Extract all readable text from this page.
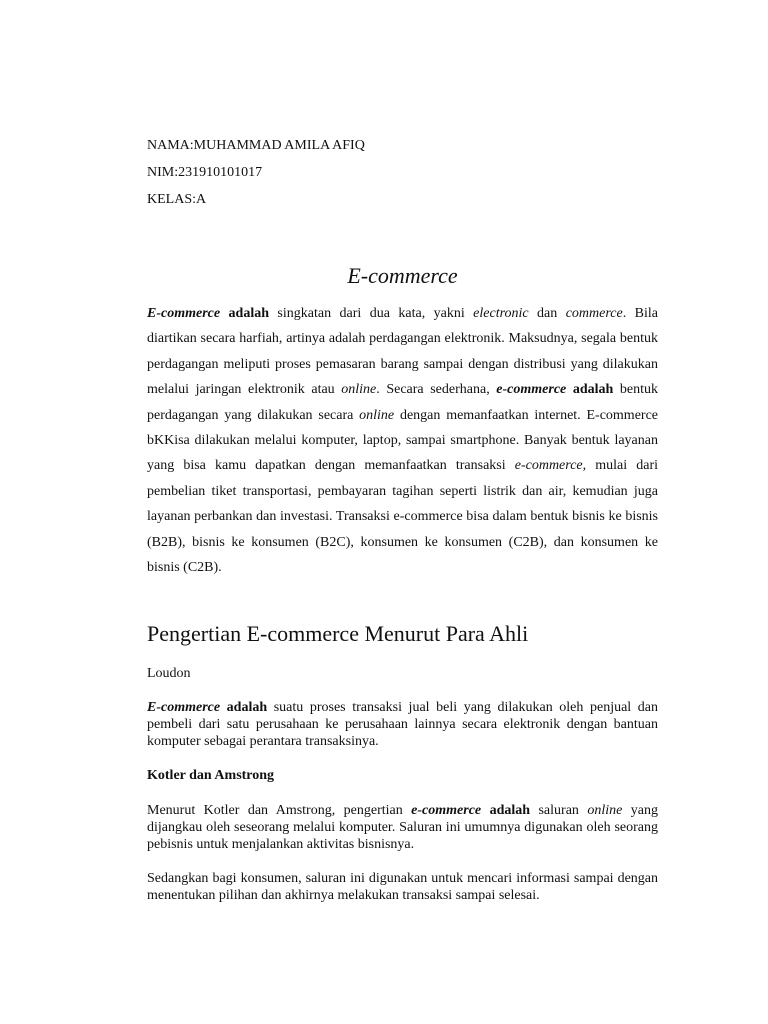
NAMA:MUHAMMAD AMILA AFIQ

NIM:231910101017

KELAS:A

E-commerce

E-commerce adalah singkatan dari dua kata, yakni electronic dan commerce. Bila diartikan secara harfiah, artinya adalah perdagangan elektronik. Maksudnya, segala bentuk perdagangan meliputi proses pemasaran barang sampai dengan distribusi yang dilakukan melalui jaringan elektronik atau online. Secara sederhana, e-commerce adalah bentuk perdagangan yang dilakukan secara online dengan memanfaatkan internet. E-commerce bKKisa dilakukan melalui komputer, laptop, sampai smartphone. Banyak bentuk layanan yang bisa kamu dapatkan dengan memanfaatkan transaksi e-commerce, mulai dari pembelian tiket transportasi, pembayaran tagihan seperti listrik dan air, kemudian juga layanan perbankan dan investasi. Transaksi e-commerce bisa dalam bentuk bisnis ke bisnis (B2B), bisnis ke konsumen (B2C), konsumen ke konsumen (C2B), dan konsumen ke bisnis (C2B).

Pengertian E-commerce Menurut Para Ahli

Loudon

E-commerce adalah suatu proses transaksi jual beli yang dilakukan oleh penjual dan pembeli dari satu perusahaan ke perusahaan lainnya secara elektronik dengan bantuan komputer sebagai perantara transaksinya.

Kotler dan Amstrong

Menurut Kotler dan Amstrong, pengertian e-commerce adalah saluran online yang dijangkau oleh seseorang melalui komputer. Saluran ini umumnya digunakan oleh seorang pebisnis untuk menjalankan aktivitas bisnisnya.

Sedangkan bagi konsumen, saluran ini digunakan untuk mencari informasi sampai dengan menentukan pilihan dan akhirnya melakukan transaksi sampai selesai.
